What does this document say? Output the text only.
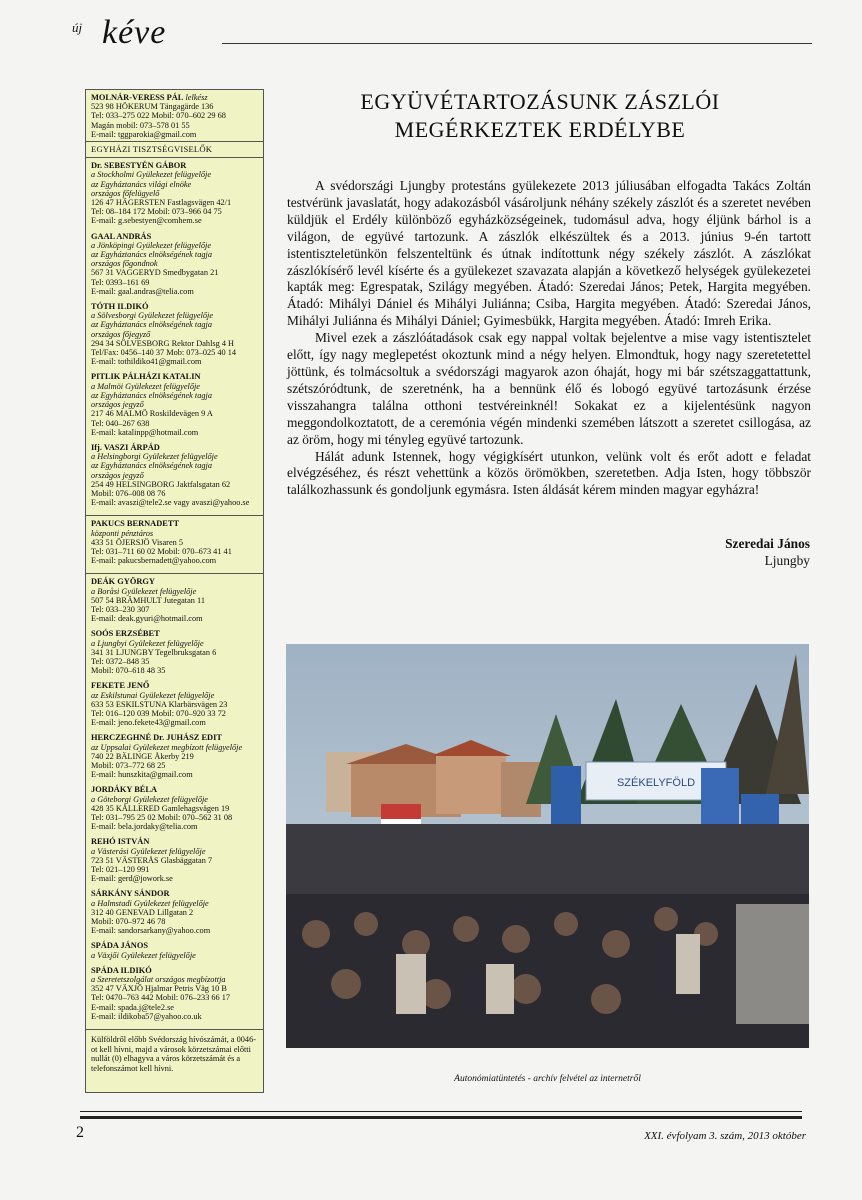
új kéve
MOLNÁR-VERESS PÁL lelkész
523 98 HÖKERUM Tängagärde 136
Tel: 033–275 022 Mobil: 070–602 29 68
Magán mobil: 073–578 01 55
E-mail: tggparokia@gmail.com
EGYHÁZI TISZTSÉGVISELŐK
Dr. SEBESTYÉN GÁBOR
a Stockholmi Gyülekezet felügyelője
az Egyháztanács világi elnöke
országos főfelügyelő
126 47 HÄGERSTEN Fastlagsvägen 42/1
Tel: 08–184 172 Mobil: 073–966 04 75
E-mail: g.sebestyen@comhem.se
GAAL ANDRÁS
a Jönköpingi Gyülekezet felügyelője
az Egyháztanács elnökségének tagja
országos főgondnok
567 31 VAGGERYD Smedbygatan 21
Tel: 0393–161 69
E-mail: gaal.andras@telia.com
TÓTH ILDIKÓ
a Sölvesborgi Gyülekezet felügyelője
az Egyháztanács elnökségének tagja
országos főjegyző
294 34 SÖLVESBORG Rektor Dahlsg 4 H
Tel/Fax: 0456–140 37 Mob: 073–025 40 14
E-mail: tothildiko41@gmail.com
PITLIK PÁLHÁZI KATALIN
a Malmöi Gyülekezet felügyelője
az Egyháztanács elnökségének tagja
országos jegyző
217 46 MALMÖ Roskildevägen 9 A
Tel: 040–267 638
E-mail: katalinpp@hotmail.com
Ifj. VASZI ÁRPÁD
a Helsingborgi Gyülekezet felügyelője
az Egyháztanács elnökségének tagja
országos jegyző
254 49 HELSINGBORG Jaktfalsgatan 62
Mobil: 076–008 08 76
E-mail: avaszi@tele2.se vagy avaszi@yahoo.se
PAKUCS BERNADETT
központi pénztáros
433 51 ÖJERSJÖ Visaren 5
Tel: 031–711 60 02 Mobil: 070–673 41 41
E-mail: pakucsbernadett@yahoo.com
DEÁK GYÖRGY
a Boråsi Gyülekezet felügyelője
507 54 BRÄMHULT Jutegatan 11
Tel: 033–230 307
E-mail: deak.gyuri@hotmail.com
SOÓS ERZSÉBET
a Ljungbyi Gyülekezet felügyelője
341 31 LJUNGBY Tegelbruksgatan 6
Tel: 0372–848 35
Mobil: 070–618 48 35
FEKETE JENŐ
az Eskilstunai Gyülekezet felügyelője
633 53 ESKILSTUNA Klarbärsvägen 23
Tel: 016–120 039 Mobil: 070–920 33 72
E-mail: jeno.fekete43@gmail.com
HERCZEGHNÉ Dr. JUHÁSZ EDIT
az Uppsalai Gyülekezet megbízott felügyelője
740 22 BÄLINGE Åkerby 219
Mobil: 073–772 68 25
E-mail: hunszkita@gmail.com
JORDÁKY BÉLA
a Göteborgi Gyülekezet felügyelője
428 35 KÅLLERED Gamlehagsvägen 19
Tel: 031–795 25 02 Mobil: 070–562 31 08
E-mail: bela.jordaky@telia.com
REHÓ ISTVÁN
a Västerási Gyülekezet felügyelője
723 51 VÄSTERÅS Glasbäggatan 7
Tel: 021–120 991
E-mail: gerd@jowork.se
SÁRKÁNY SÁNDOR
a Halmstadi Gyülekezet felügyelője
312 40 GENEVAD Lillgatan 2
Mobil: 070–972 46 78
E-mail: sandorsarkany@yahoo.com
SPÁDA JÁNOS
a Växjői Gyülekezet felügyelője
SPÁDA ILDIKÓ
a Szeretetszolgálat országos megbízottja
352 47 VÄXJÖ Hjalmar Petris Väg 10 B
Tel: 0470–763 442 Mobil: 076–233 66 17
E-mail: spada.j@tele2.se
E-mail: ildikoba57@yahoo.co.uk
Külföldről előbb Svédország hívószámát, a 0046-ot kell hívni, majd a városok körzetszámai előtti nullát (0) elhagyva a város körzetszámát és a telefonszámot kell hívni.
EGYÜVÉTARTOZÁSUNK ZÁSZLÓI
MEGÉRKEZTEK ERDÉLYBE

A svédországi Ljungby protestáns gyülekezete 2013 júliusában elfogadta Takács Zoltán testvérünk javaslatát, hogy adakozásból vásároljunk néhány székely zászlót és a szeretet nevében küldjük el Erdély különböző egyházközségeinek, tudomásul adva, hogy éljünk bárhol is a világon, de együvé tartozunk. A zászlók elkészültek és a 2013. június 9-én tartott istentiszteletünkön felszenteltünk és útnak indítottunk négy székely zászlót. A zászlókat zászlókísérő levél kísérte és a gyülekezet szavazata alapján a következő helységek gyülekezetei kapták meg: Egrespatak, Szilágy megyében. Átadó: Szeredai János; Petek, Hargita megyében. Átadó: Mihályi Dániel és Mihályi Juliánna; Csiba, Hargita megyében. Átadó: Szeredai János, Mihályi Juliánna és Mihályi Dániel; Gyimesbükk, Hargita megyében. Átadó: Imreh Erika.

Mivel ezek a zászlóátadások csak egy nappal voltak bejelentve a mise vagy istentisztelet előtt, így nagy meglepetést okoztunk mind a négy helyen. Elmondtuk, hogy nagy szeretetettel jöttünk, és tolmácsoltuk a svédországi magyarok azon óhaját, hogy mi bár szétszaggattattunk, szétszóródtunk, de szeretnénk, ha a bennünk élő és lobogó együvé tartozásunk érzése visszahangra találna otthoni testvéreinknél! Sokakat ez a kijelentésünk nagyon meggondolkoztatott, de a ceremónia végén mindenki szemében látszott a szeretet csillogása, az az öröm, hogy mi tényleg együvé tartozunk.

Hálát adunk Istennek, hogy végigkísért utunkon, velünk volt és erőt adott e feladat elvégzéséhez, és részt vehettünk a közös örömökben, szeretetben. Adja Isten, hogy többször találkozhassunk és gondoljunk egymásra. Isten áldását kérem minden magyar egyházra!

Szeredai János
Ljungby
SZÉKELYFÖLD
Autonómiatüntetés - archív felvétel az internetről
2	XXI. évfolyam 3. szám, 2013 október
